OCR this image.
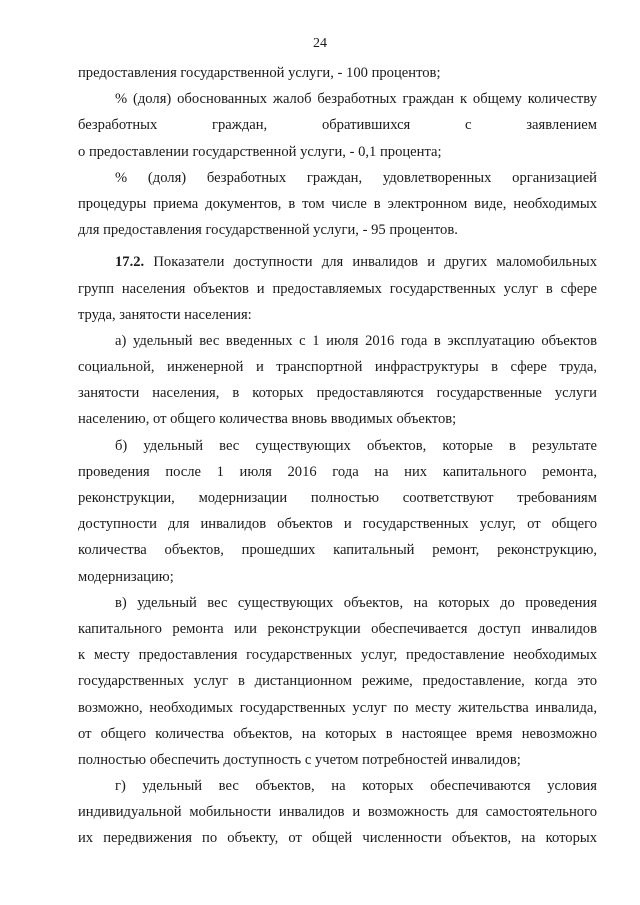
24
предоставления государственной услуги, - 100 процентов;
% (доля) обоснованных жалоб безработных граждан к общему количеству
безработных граждан, обратившихся с заявлением
о предоставлении государственной услуги, - 0,1 процента;
% (доля) безработных граждан, удовлетворенных организацией
процедуры приема документов, в том числе в электронном виде, необходимых
для предоставления государственной услуги, - 95 процентов.
17.2. Показатели доступности для инвалидов и других маломобильных
групп населения объектов и предоставляемых государственных услуг в сфере
труда, занятости населения:
а) удельный вес введенных с 1 июля 2016 года в эксплуатацию объектов
социальной, инженерной и транспортной инфраструктуры в сфере труда,
занятости населения, в которых предоставляются государственные услуги
населению, от общего количества вновь вводимых объектов;
б) удельный вес существующих объектов, которые в результате
проведения после 1 июля 2016 года на них капитального ремонта,
реконструкции, модернизации полностью соответствуют требованиям
доступности для инвалидов объектов и государственных услуг, от общего
количества объектов, прошедших капитальный ремонт, реконструкцию,
модернизацию;
в) удельный вес существующих объектов, на которых до проведения
капитального ремонта или реконструкции обеспечивается доступ инвалидов
к месту предоставления государственных услуг, предоставление необходимых
государственных услуг в дистанционном режиме, предоставление, когда это
возможно, необходимых государственных услуг по месту жительства инвалида,
от общего количества объектов, на которых в настоящее время невозможно
полностью обеспечить доступность с учетом потребностей инвалидов;
г) удельный вес объектов, на которых обеспечиваются условия
индивидуальной мобильности инвалидов и возможность для самостоятельного
их передвижения по объекту, от общей численности объектов, на которых
